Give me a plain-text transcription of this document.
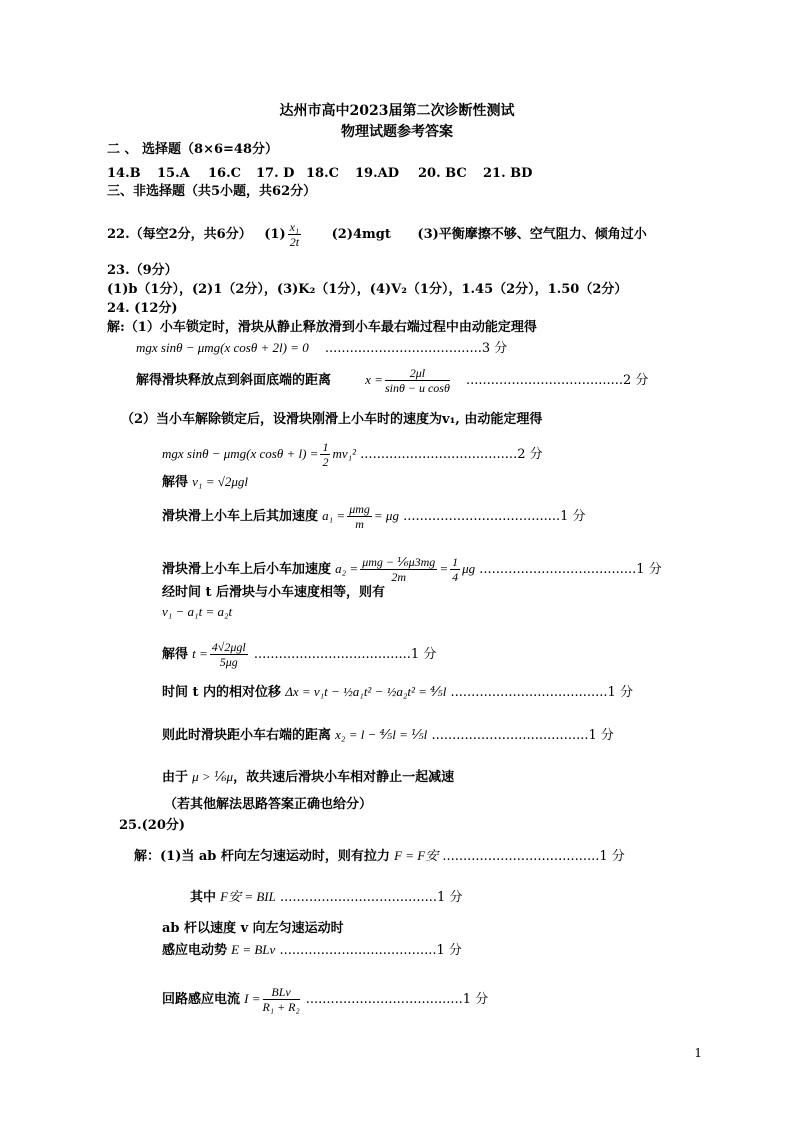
达州市高中2023届第二次诊断性测试
物理试题参考答案
二 、 选择题（8×6=48分）
14.B 15.A 16.C 17. D 18.C 19.AD 20. BC 21. BD
三、非选择题（共5小题，共62分）
22.（每空2分，共6分） $(1) \frac{\text{x₁}}{2t} (2)4mgt$ (3)平衡摩擦不够、空气阻力、倾角过小
23.（9分）
(1)b（1分），(2)1（2分），(3)K₂（1分），(4)V₂（1分），1.45（2分），1.50（2分）
24. (12分)
解:（1）小车锁定时，滑块从静止释放滑到小车最右端过程中由动能定理得
mgx sinθ − μmg(x cosθ + 2l) = 0 ......................................3 分
解得滑块释放点到斜面底端的距离	$x = \frac{2\mu l}{\text{sinθ − u cosθ}} ......................................2$ 分
（2）当小车解除锁定后，设滑块刚滑上小车时的速度为v₁, 由动能定理得
mgx sinθ − μmg(x $\cos\theta + l) = \frac{1}{2} mv_1^2$ ......................................2 分
解得 v₁ = √2μgl
滑块滑上小车上后其加速度 $a_1 = \frac{\text{μmg}}{m} = \mu g$ ......................................1 分
滑块滑上小车上后小车加速度 $a_2 = \frac{\text{μmg − ⅙μ3mg}}{2m} = \frac{1}{4}$ μg ......................................1 分
经时间 t 后滑块与小车速度相等，则有
v₁ − a₁t = a₂t
解得 $t = \frac{\text{4√2μgl}}{5\mu g} ......................................1$ 分
时间 t 内的相对位移 Δx = v₁t − ½a₁t² − ½a₂t² = ⅘l ......................................1 分
则此时滑块距小车右端的距离 x₂ = l − ⅘l = ⅕l ......................................1 分
由于 μ > ⅙μ，故共速后滑块小车相对静止一起减速
（若其他解法思路答案正确也给分）
25.(20分)
解：(1)当 ab 杆向左匀速运动时，则有拉力 F = F安 ......................................1 分
其中 F安 = BIL ......................................1 分
ab 杆以速度 v 向左匀速运动时
感应电动势 E = BLv ......................................1 分
回路感应电流 $I = \frac{\text{BLv}}{\text{R₁ + R₂}} ......................................1$ 分
1
